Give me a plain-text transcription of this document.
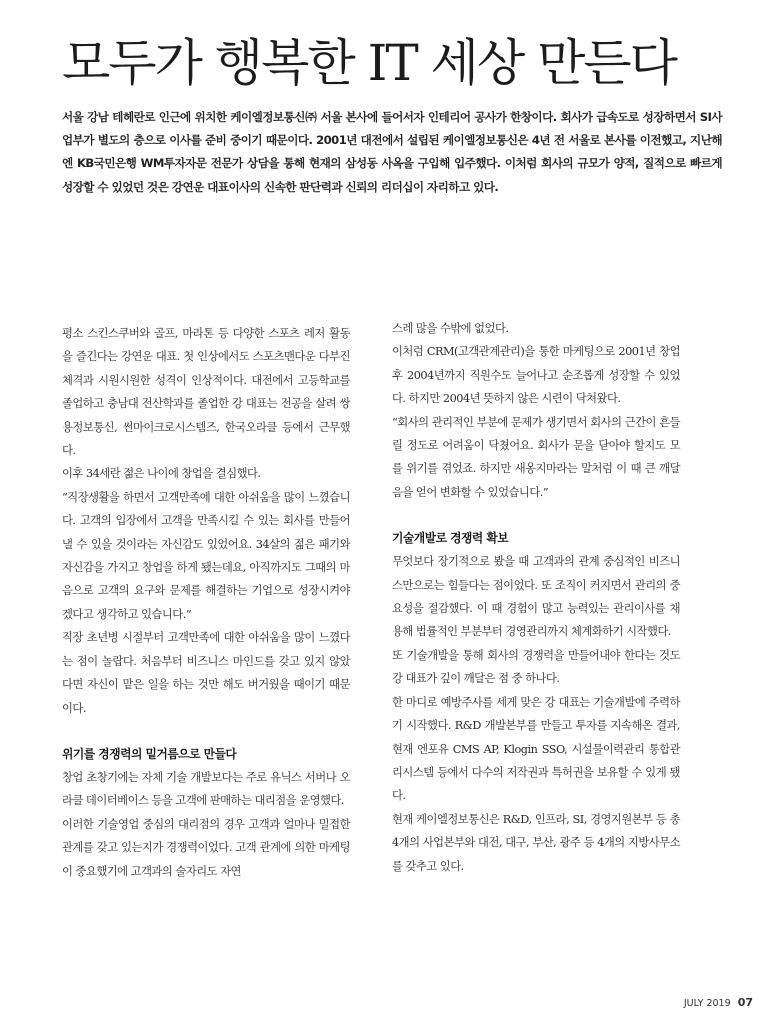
모두가 행복한 IT 세상 만든다

서울 강남 테헤란로 인근에 위치한 케이엘정보통신㈜ 서울 본사에 들어서자 인테리어 공사가 한창이다. 회사가 급속도로 성장하면서 SI사업부가 별도의 층으로 이사를 준비 중이기 때문이다. 2001년 대전에서 설립된 케이엘정보통신은 4년 전 서울로 본사를 이전했고, 지난해엔 KB국민은행 WM투자자문 전문가 상담을 통해 현재의 삼성동 사옥을 구입해 입주했다. 이처럼 회사의 규모가 양적, 질적으로 빠르게 성장할 수 있었던 것은 강연운 대표이사의 신속한 판단력과 신뢰의 리더십이 자리하고 있다.

평소 스킨스쿠버와 골프, 마라톤 등 다양한 스포츠 레저 활동을 즐긴다는 강연운 대표. 첫 인상에서도 스포츠맨다운 다부진 체격과 시원시원한 성격이 인상적이다. 대전에서 고등학교를 졸업하고 충남대 전산학과를 졸업한 강 대표는 전공을 살려 쌍용정보통신, 썬마이크로시스템즈, 한국오라클 등에서 근무했다.

이후 34세란 젊은 나이에 창업을 결심했다.

“직장생활을 하면서 고객만족에 대한 아쉬움을 많이 느꼈습니다. 고객의 입장에서 고객을 만족시킬 수 있는 회사를 만들어낼 수 있을 것이라는 자신감도 있었어요. 34살의 젊은 패기와 자신감을 가지고 창업을 하게 됐는데요, 아직까지도 그때의 마음으로 고객의 요구와 문제를 해결하는 기업으로 성장시켜야겠다고 생각하고 있습니다.”

직장 초년병 시절부터 고객만족에 대한 아쉬움을 많이 느꼈다는 점이 놀랍다. 처음부터 비즈니스 마인드를 갖고 있지 않았다면 자신이 맡은 일을 하는 것만 해도 버거웠을 때이기 때문이다.

위기를 경쟁력의 밑거름으로 만들다

창업 초창기에는 자체 기술 개발보다는 주로 유닉스 서버나 오라클 데이터베이스 등을 고객에 판매하는 대리점을 운영했다.

이러한 기술영업 중심의 대리점의 경우 고객과 얼마나 밀접한 관계를 갖고 있는지가 경쟁력이었다. 고객 관계에 의한 마케팅이 중요했기에 고객과의 술자리도 자연

스레 많을 수밖에 없었다.

이처럼 CRM(고객관계관리)을 통한 마케팅으로 2001년 창업 후 2004년까지 직원수도 늘어나고 순조롭게 성장할 수 있었다. 하지만 2004년 뜻하지 않은 시련이 닥쳐왔다.

“회사의 관리적인 부분에 문제가 생기면서 회사의 근간이 흔들릴 정도로 어려움이 닥쳤어요. 회사가 문을 닫아야 할지도 모를 위기를 겪었죠. 하지만 새옹지마라는 말처럼 이 때 큰 깨달음을 얻어 변화할 수 있었습니다.”

기술개발로 경쟁력 확보

무엇보다 장기적으로 봤을 때 고객과의 관계 중심적인 비즈니스만으로는 힘들다는 점이었다. 또 조직이 커지면서 관리의 중요성을 절감했다. 이 때 경험이 많고 능력있는 관리이사를 채용해 법률적인 부분부터 경영관리까지 체계화하기 시작했다.

또 기술개발을 통해 회사의 경쟁력을 만들어내야 한다는 것도 강 대표가 깊이 깨달은 점 중 하나다.

한 마디로 예방주사를 세게 맞은 강 대표는 기술개발에 주력하기 시작했다. R&D 개발본부를 만들고 투자를 지속해온 결과, 현재 엔포유 CMS AP, Klogin SSO, 시설물이력관리 통합관리시스템 등에서 다수의 저작권과 특허권을 보유할 수 있게 됐다.

현재 케이엘정보통신은 R&D, 인프라, SI, 경영지원본부 등 총 4개의 사업본부와 대전, 대구, 부산, 광주 등 4개의 지방사무소를 갖추고 있다.

JULY 2019 07
